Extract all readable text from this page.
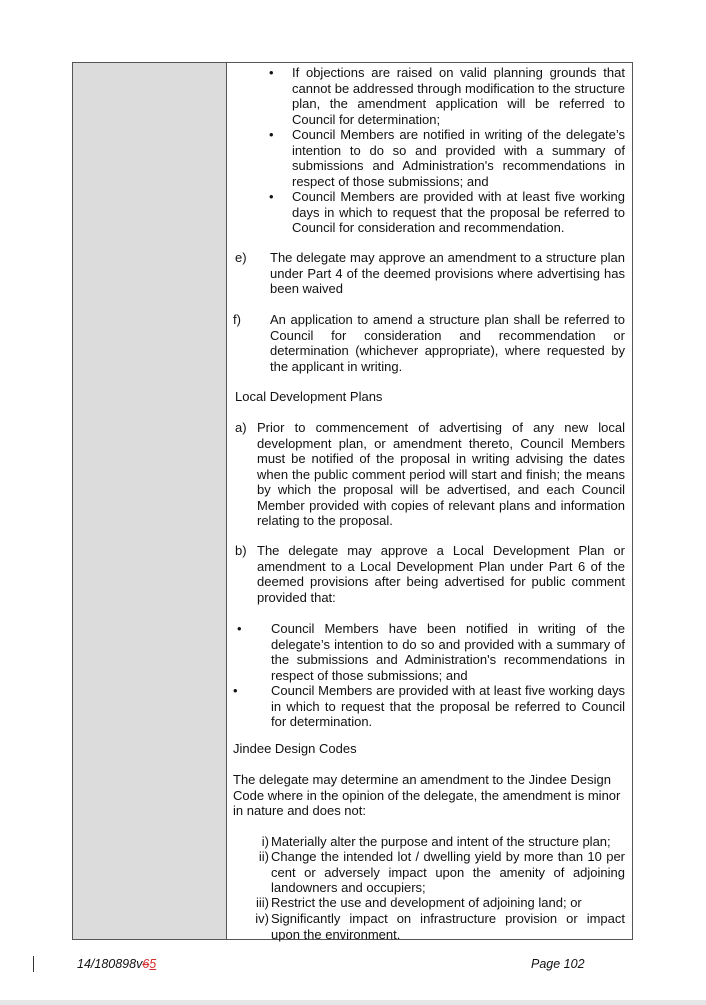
• If objections are raised on valid planning grounds that cannot be addressed through modification to the structure plan, the amendment application will be referred to Council for determination;
• Council Members are notified in writing of the delegate’s intention to do so and provided with a summary of submissions and Administration's recommendations in respect of those submissions; and
• Council Members are provided with at least five working days in which to request that the proposal be referred to Council for consideration and recommendation.
e) The delegate may approve an amendment to a structure plan under Part 4 of the deemed provisions where advertising has been waived
f) An application to amend a structure plan shall be referred to Council for consideration and recommendation or determination (whichever appropriate), where requested by the applicant in writing.
Local Development Plans
a) Prior to commencement of advertising of any new local development plan, or amendment thereto, Council Members must be notified of the proposal in writing advising the dates when the public comment period will start and finish; the means by which the proposal will be advertised, and each Council Member provided with copies of relevant plans and information relating to the proposal.
b) The delegate may approve a Local Development Plan or amendment to a Local Development Plan under Part 6 of the deemed provisions after being advertised for public comment provided that:
• Council Members have been notified in writing of the delegate’s intention to do so and provided with a summary of the submissions and Administration's recommendations in respect of those submissions; and
•	Council Members are provided with at least five working days in which to request that the proposal be referred to Council for determination.
Jindee Design Codes
The delegate may determine an amendment to the Jindee Design Code where in the opinion of the delegate, the amendment is minor in nature and does not:
i) Materially alter the purpose and intent of the structure plan;
ii) Change the intended lot / dwelling yield by more than 10 per cent or adversely impact upon the amenity of adjoining landowners and occupiers;
iii) Restrict the use and development of adjoining land; or
iv) Significantly impact on infrastructure provision or impact upon the environment.
14/180898v65	Page 102
